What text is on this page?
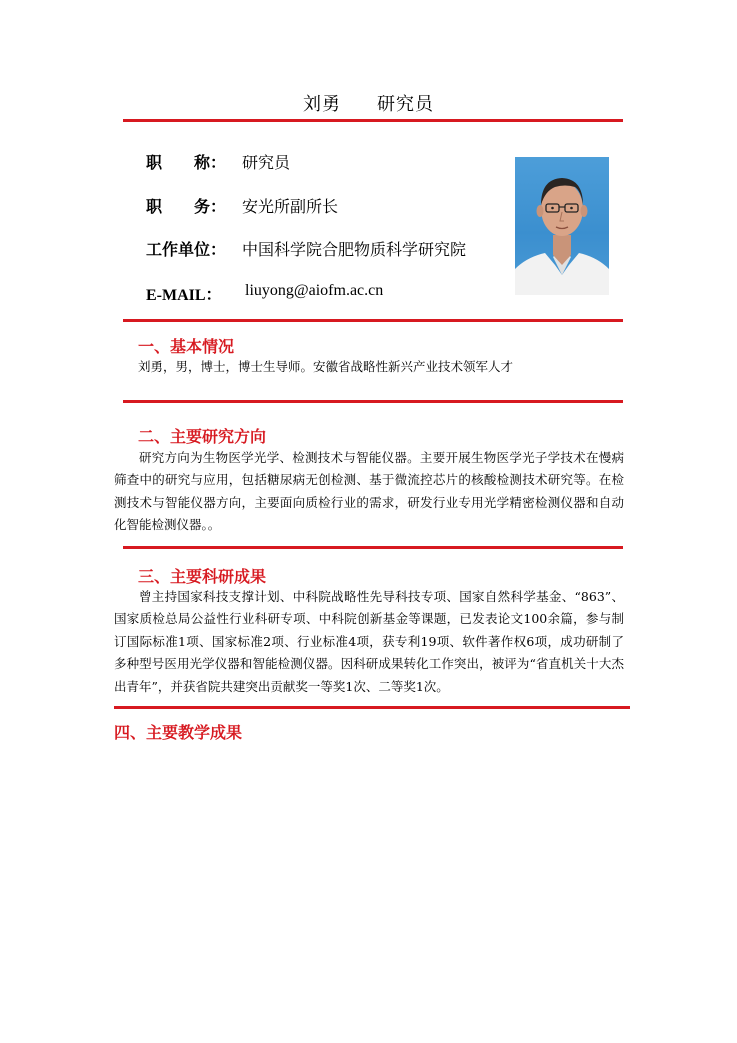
刘勇 研究员
职　　称： 研究员
职　　务： 安光所副所长
工作单位： 中国科学院合肥物质科学研究院
E-MAIL： liuyong@aiofm.ac.cn
一、基本情况

刘勇，男，博士，博士生导师。安徽省战略性新兴产业技术领军人才

二、主要研究方向

研究方向为生物医学光学、检测技术与智能仪器。主要开展生物医学光子学技术在慢病筛查中的研究与应用，包括糖尿病无创检测、基于微流控芯片的核酸检测技术研究等。在检测技术与智能仪器方向，主要面向质检行业的需求，研发行业专用光学精密检测仪器和自动化智能检测仪器。。

三、主要科研成果

曾主持国家科技支撑计划、中科院战略性先导科技专项、国家自然科学基金、“863”、国家质检总局公益性行业科研专项、中科院创新基金等课题，已发表论文100余篇，参与制订国际标准1项、国家标准2项、行业标准4项，获专利19项、软件著作权6项，成功研制了多种型号医用光学仪器和智能检测仪器。因科研成果转化工作突出，被评为“省直机关十大杰出青年”，并获省院共建突出贡献奖一等奖1次、二等奖1次。

四、主要教学成果
